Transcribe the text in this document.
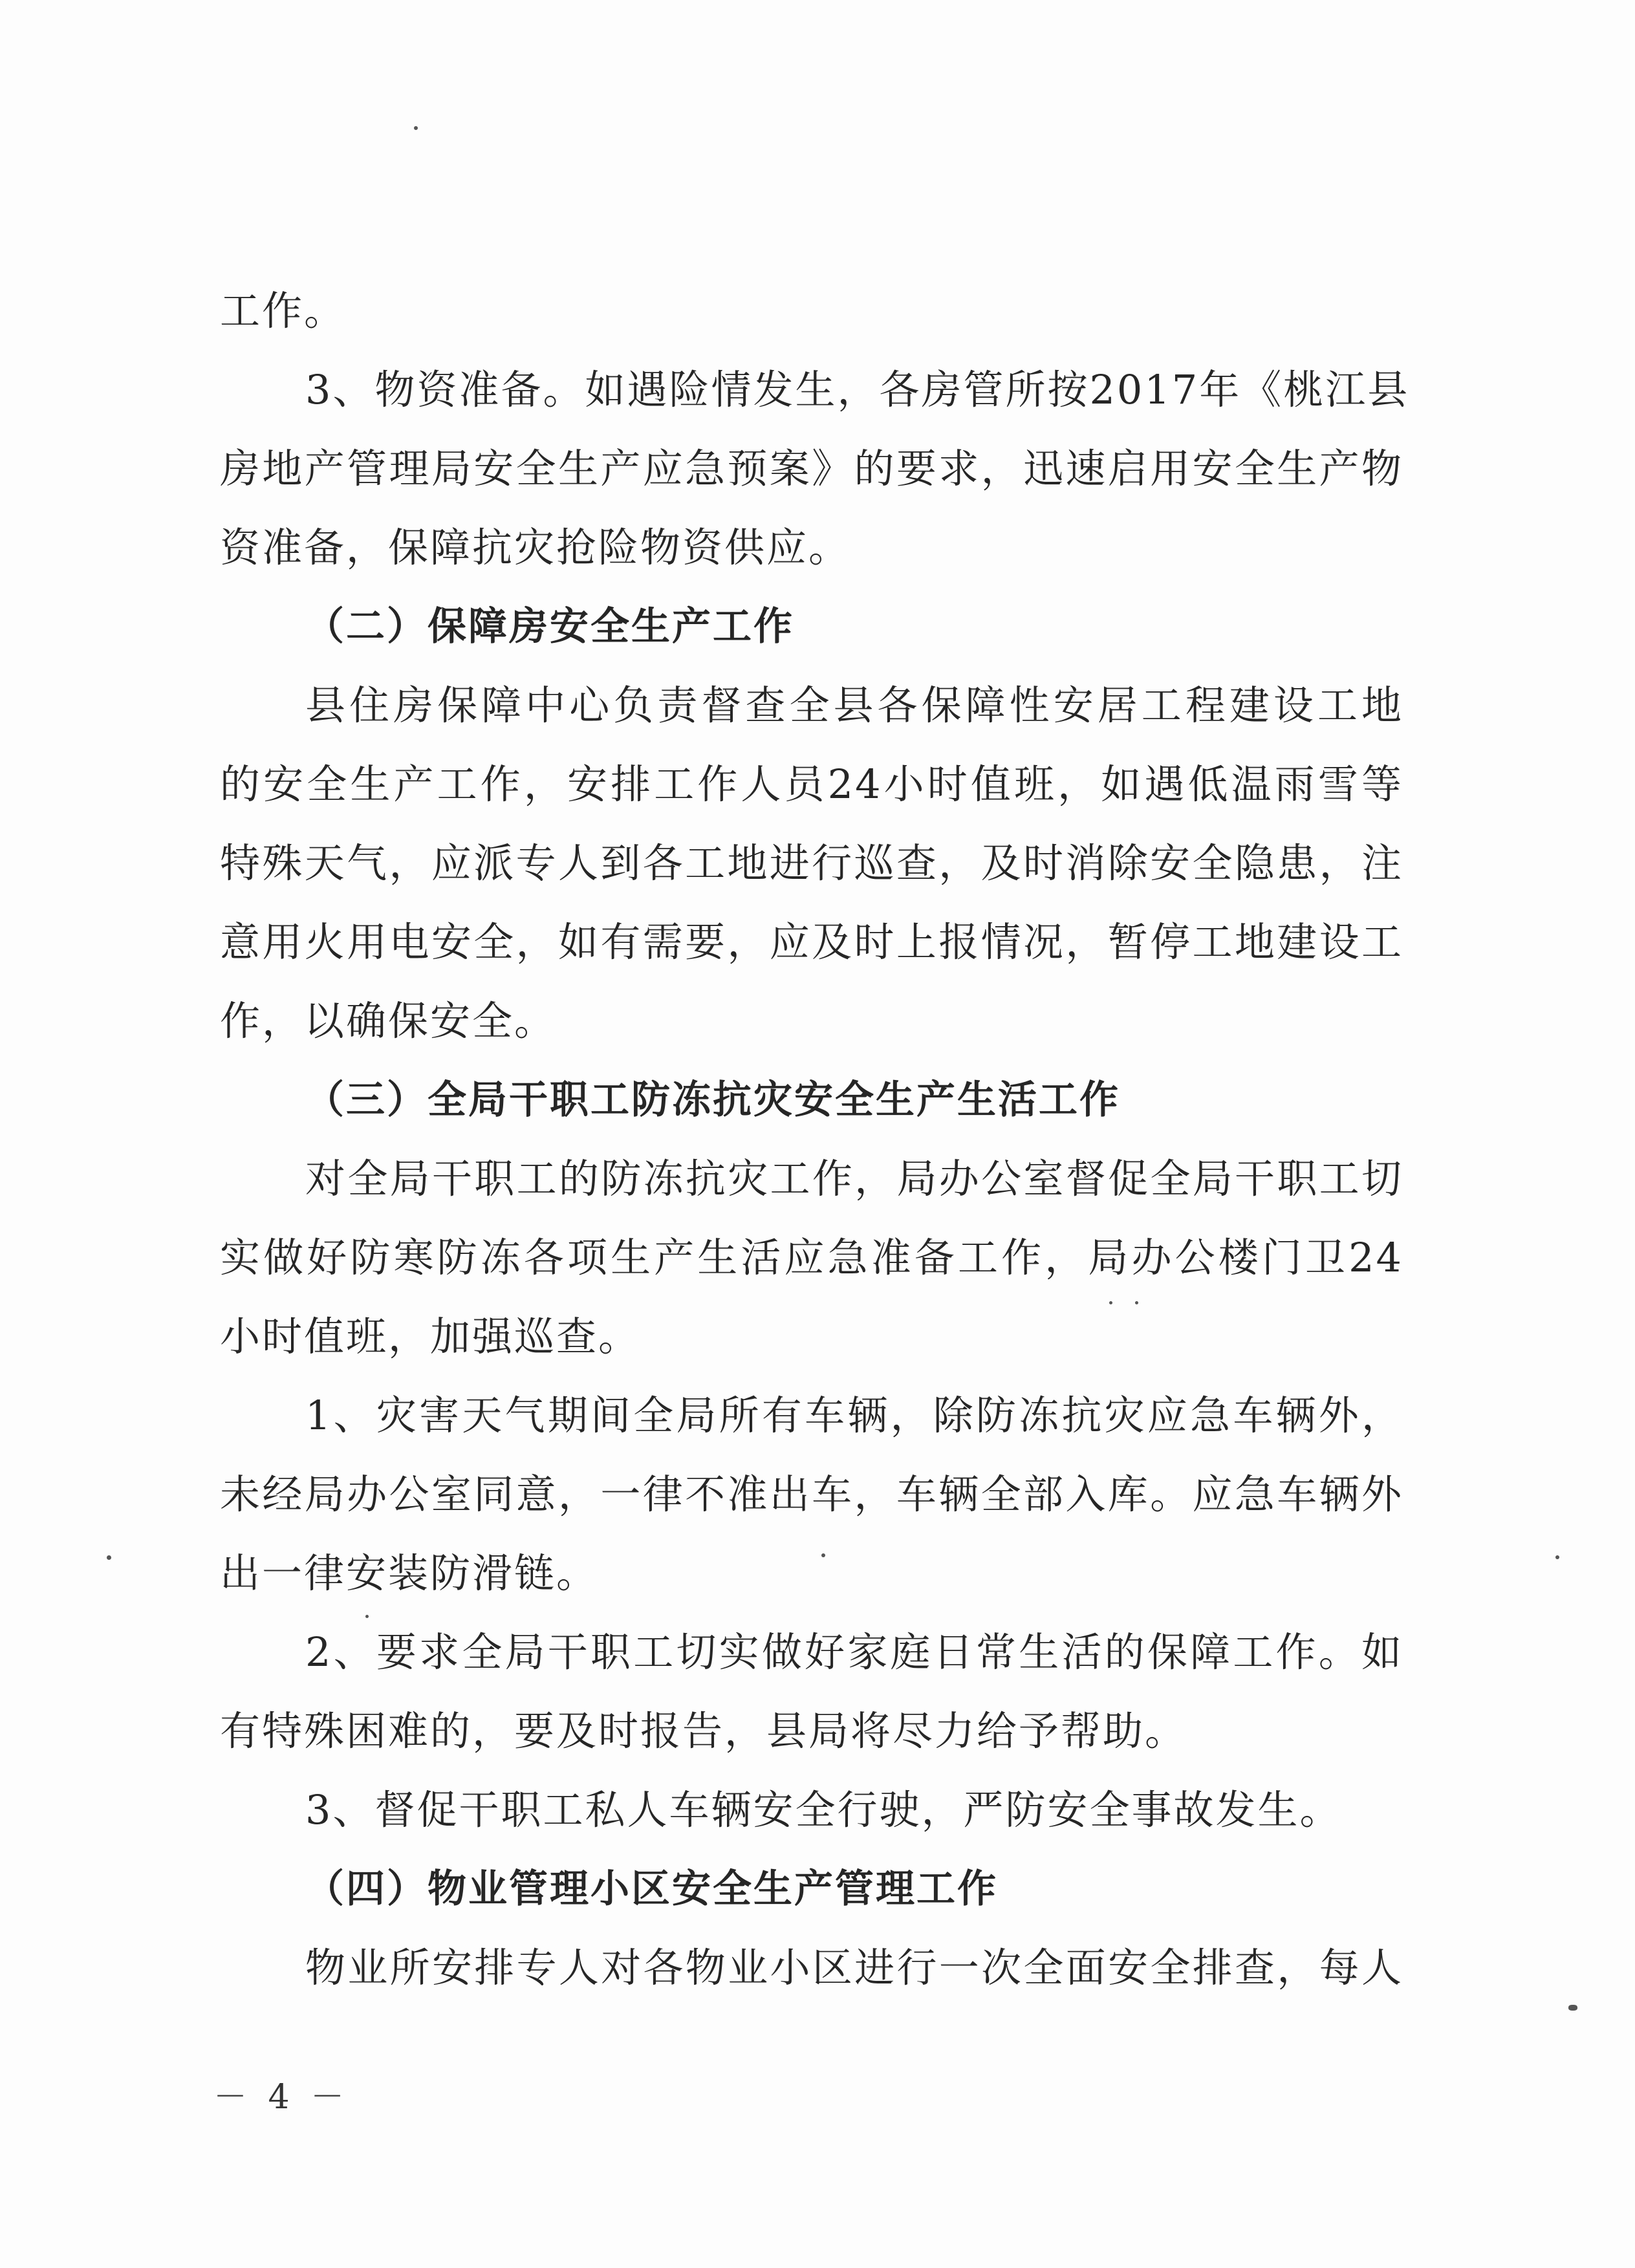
工作。
3、物资准备。如遇险情发生，各房管所按2017年《桃江县
房地产管理局安全生产应急预案》的要求，迅速启用安全生产物
资准备，保障抗灾抢险物资供应。
（二）保障房安全生产工作
县住房保障中心负责督查全县各保障性安居工程建设工地
的安全生产工作，安排工作人员24小时值班，如遇低温雨雪等
特殊天气，应派专人到各工地进行巡查，及时消除安全隐患，注
意用火用电安全，如有需要，应及时上报情况，暂停工地建设工
作，以确保安全。
（三）全局干职工防冻抗灾安全生产生活工作
对全局干职工的防冻抗灾工作，局办公室督促全局干职工切
实做好防寒防冻各项生产生活应急准备工作，局办公楼门卫24
小时值班，加强巡查。
1、灾害天气期间全局所有车辆，除防冻抗灾应急车辆外，
未经局办公室同意，一律不准出车，车辆全部入库。应急车辆外
出一律安装防滑链。
2、要求全局干职工切实做好家庭日常生活的保障工作。如
有特殊困难的，要及时报告，县局将尽力给予帮助。
3、督促干职工私人车辆安全行驶，严防安全事故发生。
（四）物业管理小区安全生产管理工作
物业所安排专人对各物业小区进行一次全面安全排查，每人
－ 4 －
